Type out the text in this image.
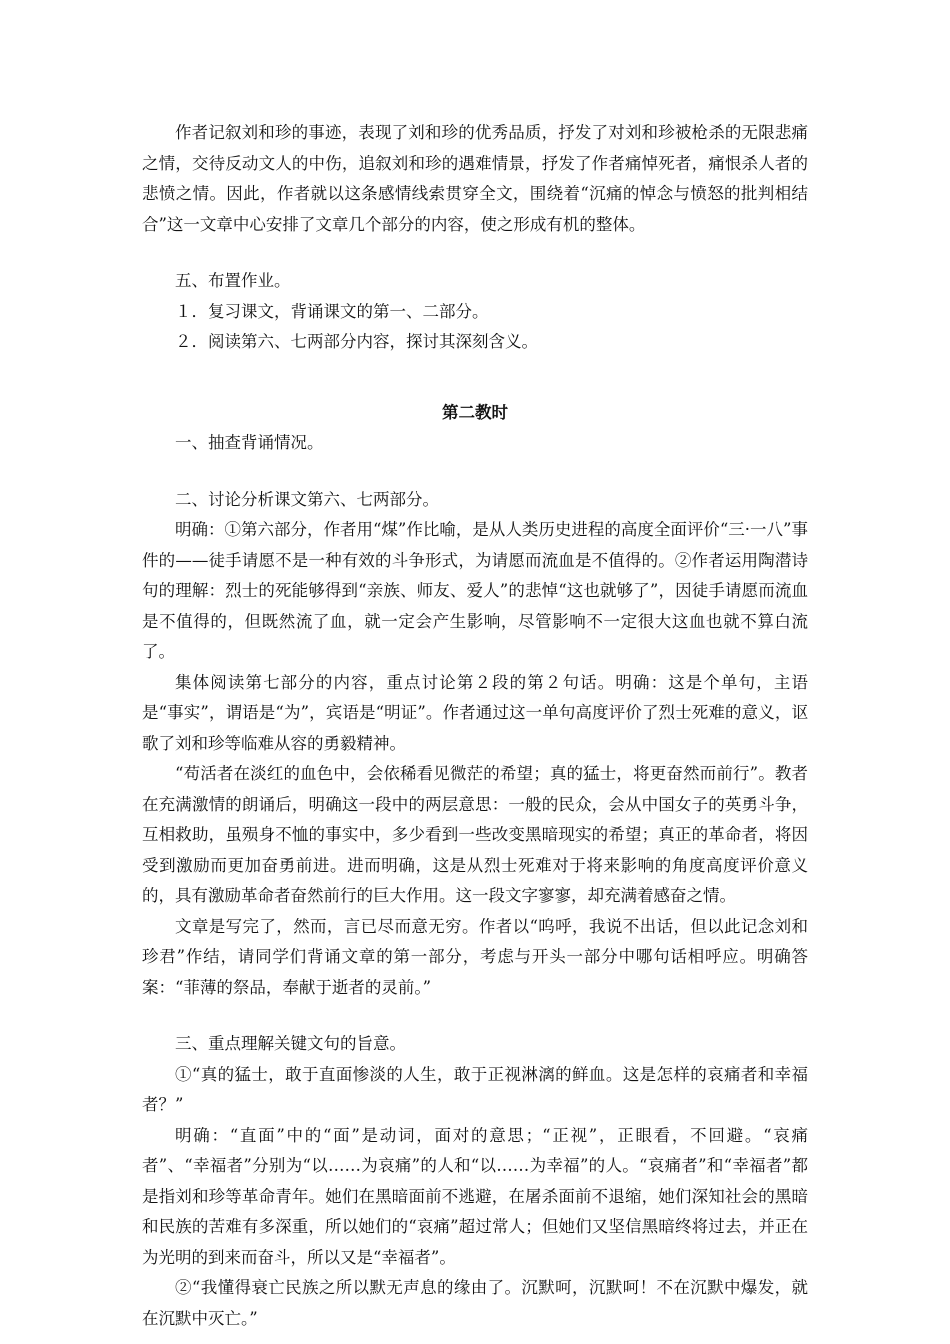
作者记叙刘和珍的事迹，表现了刘和珍的优秀品质，抒发了对刘和珍被枪杀的无限悲痛之情，交待反动文人的中伤，追叙刘和珍的遇难情景，抒发了作者痛悼死者，痛恨杀人者的悲愤之情。因此，作者就以这条感情线索贯穿全文，围绕着“沉痛的悼念与愤怒的批判相结合”这一文章中心安排了文章几个部分的内容，使之形成有机的整体。

五、布置作业。

１．复习课文，背诵课文的第一、二部分。

２．阅读第六、七两部分内容，探讨其深刻含义。

第二教时

一、抽查背诵情况。

二、讨论分析课文第六、七两部分。

明确：①第六部分，作者用“煤”作比喻，是从人类历史进程的高度全面评价“三·一八”事件的——徒手请愿不是一种有效的斗争形式，为请愿而流血是不值得的。②作者运用陶潜诗句的理解：烈士的死能够得到“亲族、师友、爱人”的悲悼“这也就够了”，因徒手请愿而流血是不值得的，但既然流了血，就一定会产生影响，尽管影响不一定很大这血也就不算白流了。

集体阅读第七部分的内容，重点讨论第２段的第２句话。明确：这是个单句，主语是“事实”，谓语是“为”，宾语是“明证”。作者通过这一单句高度评价了烈士死难的意义，讴歌了刘和珍等临难从容的勇毅精神。

“苟活者在淡红的血色中，会依稀看见微茫的希望；真的猛士，将更奋然而前行”。教者在充满激情的朗诵后，明确这一段中的两层意思：一般的民众，会从中国女子的英勇斗争，互相救助，虽殒身不恤的事实中，多少看到一些改变黑暗现实的希望；真正的革命者，将因受到激励而更加奋勇前进。进而明确，这是从烈士死难对于将来影响的角度高度评价意义的，具有激励革命者奋然前行的巨大作用。这一段文字寥寥，却充满着感奋之情。

文章是写完了，然而，言已尽而意无穷。作者以“呜呼，我说不出话，但以此记念刘和珍君”作结，请同学们背诵文章的第一部分，考虑与开头一部分中哪句话相呼应。明确答案：“菲薄的祭品，奉献于逝者的灵前。”

三、重点理解关键文句的旨意。

①“真的猛士，敢于直面惨淡的人生，敢于正视淋漓的鲜血。这是怎样的哀痛者和幸福者？”

明确：“直面”中的“面”是动词，面对的意思；“正视”，正眼看，不回避。“哀痛者”、“幸福者”分别为“以……为哀痛”的人和“以……为幸福”的人。“哀痛者”和“幸福者”都是指刘和珍等革命青年。她们在黑暗面前不逃避，在屠杀面前不退缩，她们深知社会的黑暗和民族的苦难有多深重，所以她们的“哀痛”超过常人；但她们又坚信黑暗终将过去，并正在为光明的到来而奋斗，所以又是“幸福者”。

②“我懂得衰亡民族之所以默无声息的缘由了。沉默呵，沉默呵！不在沉默中爆发，就在沉默中灭亡。”
